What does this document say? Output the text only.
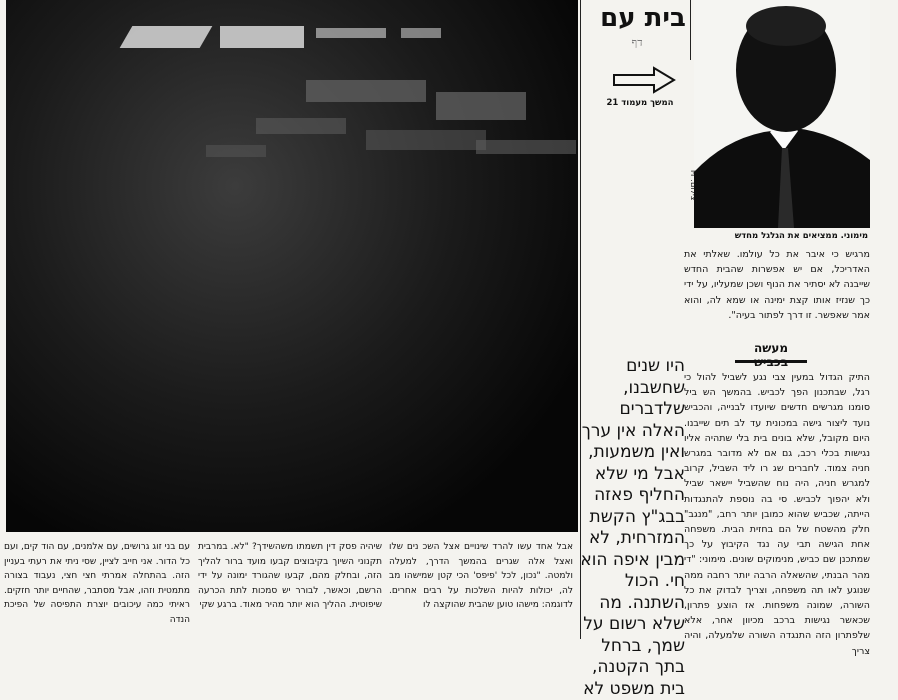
בית עם
דף
המשך מעמוד 21
צילום: זיו
מימוני. ממציאים את הגלגל מחדש
מרגיש כי איבר את כל עולמו. שאלתי את האדריכל, אם יש אפשרות שהבית החדש שייבנה לא יסתיר את הנוף ושכן שמעליו, על ידי כך שנזיז אותו קצת ימינה או שמא לה, והוא אמר שאפשר. זו דרך לפתור בעיה".
מעשה בכביש
התיק הגדול במעין צבי נגע לשביל להול כי רגל, שבתכנון הפך לכביש. בהמשך הש ביל סומנו מגרשים חדשים שיועדו לבנייה, והכביש נועד ליצור גישה במכונית עד לב תים שייבנו. היום מקובל, שלא בונים בית בלי שתהיה אליו נגישות בכלי רכב, גם אם לא מדובר במגרש חניה צמוד. לחברים שג רו ליד השביל, קרוב למגרש חניה, היה נוח שהשביל יישאר שביל ולא יהפוך לכביש. סי בה נוספת להתנגדות הייתה, שכביש שהוא כמובן יותר רחב, "מנגב" חלק מהשטח של הם בחזית הבית. משפחה אחת הגישה תבי עה נגד הקיבוץ על כך שמתכנן שם כביש, מנימוקים שונים. מימוני: "די מהר הבנתי, שהשאלה הרבה יותר רחבה ממה שנוגע לאו תה משפחה, וצריך לבדוק את כל השורה, שמונה משפחות. אז הוצע פתרון, שכאשר נגישות ברכב מכיוון אחר, אלא שלפתרון הזה התנגדה השורה שלמעלה, והיה צריך
היו שנים
שחשבנו,
שלדברים
האלה אין ערך
ואין משמעות,
אבל מי שלא
החליף פאזה
בבג"ץ הקשת
המזרחית, לא
מבין איפה הוא
חי. הכול
השתנה. מה
שלא רשום על
שמך, ברחל
בתך הקטנה,
בית משפט לא
עם בני זוג גרושים, עם אלמנים, עם הוד קים, ועם כל הדור. אני חייב לציין, שסי ניתי את רעתי בעניין הזה. בהתחלה אמרתי חצי חצי, נעבוד בצורה מתמטית וזהו, אבל מסתבר, שהחיים יותר חזקים. ראיתי כמה עיכובים יוצרת התפיסה של הפיכת הנדה
שיהיה פסק דין תשמתו משהשידך? "לא. במרבית תקנוני השיוך בקיבוצים קבעו מועד ברור להליך הזה, ובחלק מהם, קבעו שהגורד ימונה על ידי הרשם, וכאשר, לבורר יש סמכות לתת הכרעה שיפוטית. ההליך הוא יותר מהיר מאוד. ברגע שקי
אבל אחד עשו להרד שינויים אצל השכ נים שלו ואצל אלה שגרים בהמשך הדרך, למעלה ולמטה. "נכון, לכל 'פיפס' הכי קטן שמישהו מב לה, יכולות להיות השלכות על רבים אחרים. לדוגמה: מישהו טוען שהבית שהוקצה לו
